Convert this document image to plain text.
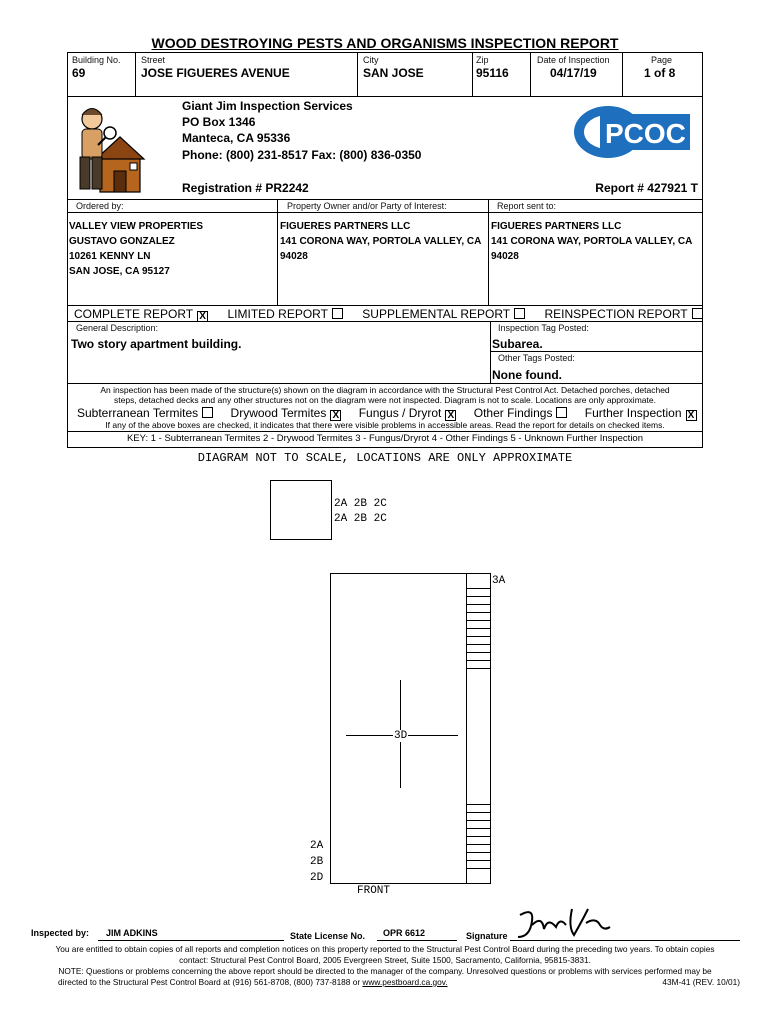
WOOD DESTROYING PESTS AND ORGANISMS INSPECTION REPORT
Building No.
69
Street
JOSE FIGUERES AVENUE
City
SAN JOSE
Zip
95116
Date of Inspection
04/17/19
Page
1 of 8
Giant Jim Inspection Services
PO Box 1346
Manteca, CA 95336
Phone: (800) 231-8517 Fax: (800) 836-0350
Registration # PR2242	Report # 427921 T
PCOC
Ordered by:	Property Owner and/or Party of Interest:	Report sent to:
VALLEY VIEW PROPERTIES
GUSTAVO GONZALEZ
10261 KENNY LN
SAN JOSE, CA 95127
FIGUERES PARTNERS LLC
141 CORONA WAY, PORTOLA VALLEY, CA
94028
FIGUERES PARTNERS LLC
141 CORONA WAY, PORTOLA VALLEY, CA
94028
COMPLETE REPORT X LIMITED REPORT	SUPPLEMENTAL REPORT	REINSPECTION REPORT
General Description:
Two story apartment building.
Inspection Tag Posted:
Subarea.
Other Tags Posted:
None found.
An inspection has been made of the structure(s) shown on the diagram in accordance with the Structural Pest Control Act. Detached porches, detached
steps, detached decks and any other structures not on the diagram were not inspected. Diagram is not to scale. Locations are only approximate.
Subterranean Termites	Drywood Termites X Fungus / Dryrot X Other Findings	Further Inspection X
If any of the above boxes are checked, it indicates that there were visible problems in accessible areas. Read the report for details on checked items.
KEY: 1 - Subterranean Termites 2 - Drywood Termites 3 - Fungus/Dryrot 4 - Other Findings 5 - Unknown Further Inspection
DIAGRAM NOT TO SCALE, LOCATIONS ARE ONLY APPROXIMATE
2A 2B 2C
2A 2B 2C
3A
3D
2A
2B
2D
FRONT
Inspected by: JIM ADKINS	State License No. OPR 6612	Signature
You are entitled to obtain copies of all reports and completion notices on this property reported to the Structural Pest Control Board during the preceding two years. To obtain copies
contact: Structural Pest Control Board, 2005 Evergreen Street, Suite 1500, Sacramento, California, 95815-3831.
NOTE: Questions or problems concerning the above report should be directed to the manager of the company. Unresolved questions or problems with services performed may be
directed to the Structural Pest Control Board at (916) 561-8708, (800) 737-8188 or www.pestboard.ca.gov.	43M-41 (REV. 10/01)
